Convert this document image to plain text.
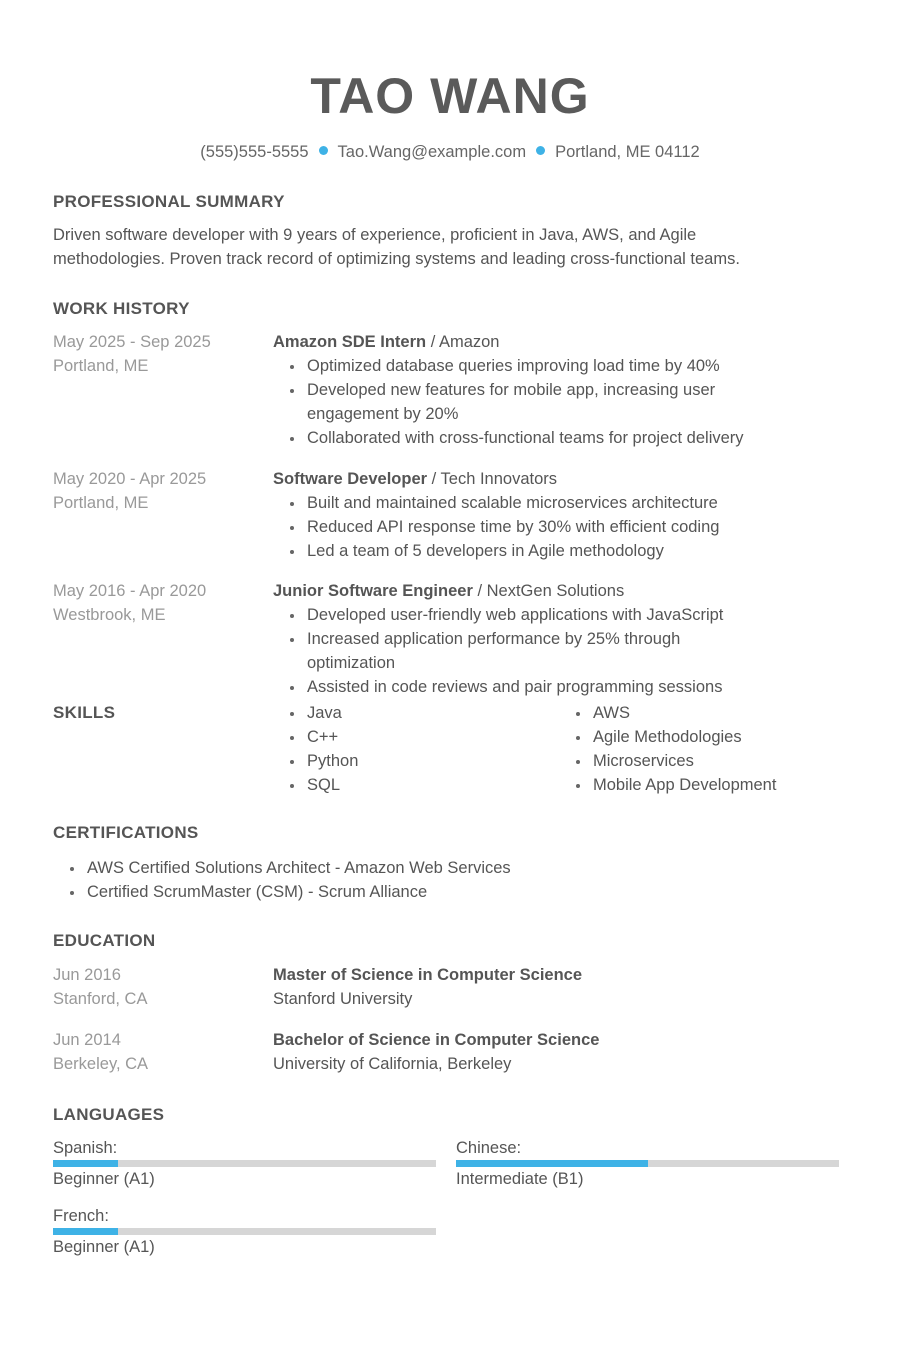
TAO WANG
(555)555-5555 Tao.Wang@example.com Portland, ME 04112
PROFESSIONAL SUMMARY
Driven software developer with 9 years of experience, proficient in Java, AWS, and Agile
methodologies. Proven track record of optimizing systems and leading cross-functional teams.
WORK HISTORY
May 2025 - Sep 2025
Portland, ME
Amazon SDE Intern / Amazon
Optimized database queries improving load time by 40%
Developed new features for mobile app, increasing user engagement by 20%
Collaborated with cross-functional teams for project delivery
May 2020 - Apr 2025
Portland, ME
Software Developer / Tech Innovators
Built and maintained scalable microservices architecture
Reduced API response time by 30% with efficient coding
Led a team of 5 developers in Agile methodology
May 2016 - Apr 2020
Westbrook, ME
Junior Software Engineer / NextGen Solutions
Developed user-friendly web applications with JavaScript
Increased application performance by 25% through optimization
Assisted in code reviews and pair programming sessions
SKILLS	Java
C++
Python
SQL
AWS
Agile Methodologies
Microservices
Mobile App Development
CERTIFICATIONS
AWS Certified Solutions Architect - Amazon Web Services
Certified ScrumMaster (CSM) - Scrum Alliance
EDUCATION
Jun 2016
Stanford, CA
Master of Science in Computer Science
Stanford University
Jun 2014
Berkeley, CA
Bachelor of Science in Computer Science
University of California, Berkeley
LANGUAGES
Spanish:
Beginner (A1)
Chinese:
Intermediate (B1)
French:
Beginner (A1)
